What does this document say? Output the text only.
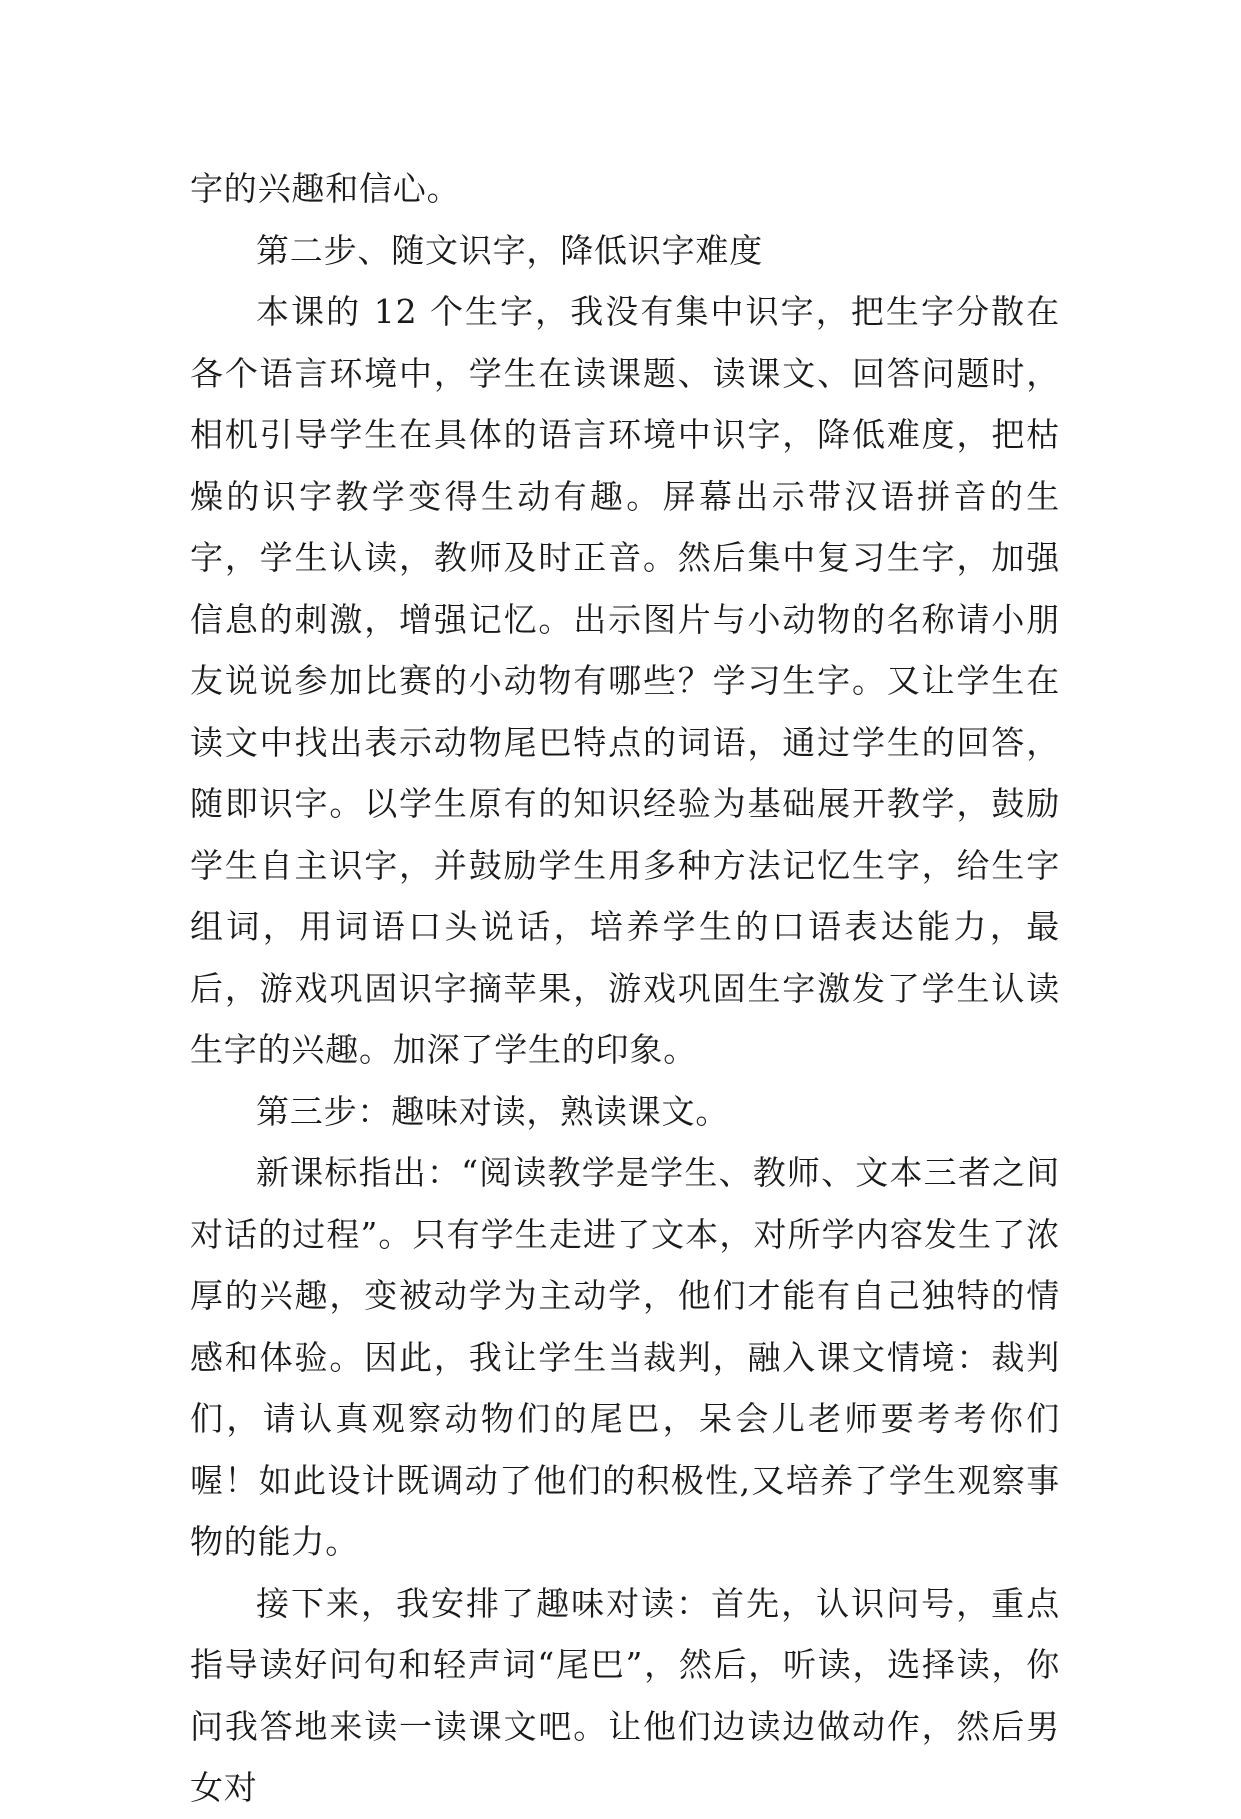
字的兴趣和信心。

第二步、随文识字，降低识字难度

本课的 12 个生字，我没有集中识字，把生字分散在各个语言环境中，学生在读课题、读课文、回答问题时，相机引导学生在具体的语言环境中识字，降低难度，把枯燥的识字教学变得生动有趣。屏幕出示带汉语拼音的生字，学生认读，教师及时正音。然后集中复习生字，加强信息的刺激，增强记忆。出示图片与小动物的名称请小朋友说说参加比赛的小动物有哪些？学习生字。又让学生在读文中找出表示动物尾巴特点的词语，通过学生的回答，随即识字。以学生原有的知识经验为基础展开教学，鼓励学生自主识字，并鼓励学生用多种方法记忆生字，给生字组词，用词语口头说话，培养学生的口语表达能力，最后，游戏巩固识字摘苹果，游戏巩固生字激发了学生认读生字的兴趣。加深了学生的印象。

第三步：趣味对读，熟读课文。

新课标指出：“阅读教学是学生、教师、文本三者之间对话的过程”。只有学生走进了文本，对所学内容发生了浓厚的兴趣，变被动学为主动学，他们才能有自己独特的情感和体验。因此，我让学生当裁判，融入课文情境：裁判们，请认真观察动物们的尾巴，呆会儿老师要考考你们喔！如此设计既调动了他们的积极性,又培养了学生观察事物的能力。

接下来，我安排了趣味对读：首先，认识问号，重点指导读好问句和轻声词“尾巴”，然后，听读，选择读，你问我答地来读一读课文吧。让他们边读边做动作，然后男女对
